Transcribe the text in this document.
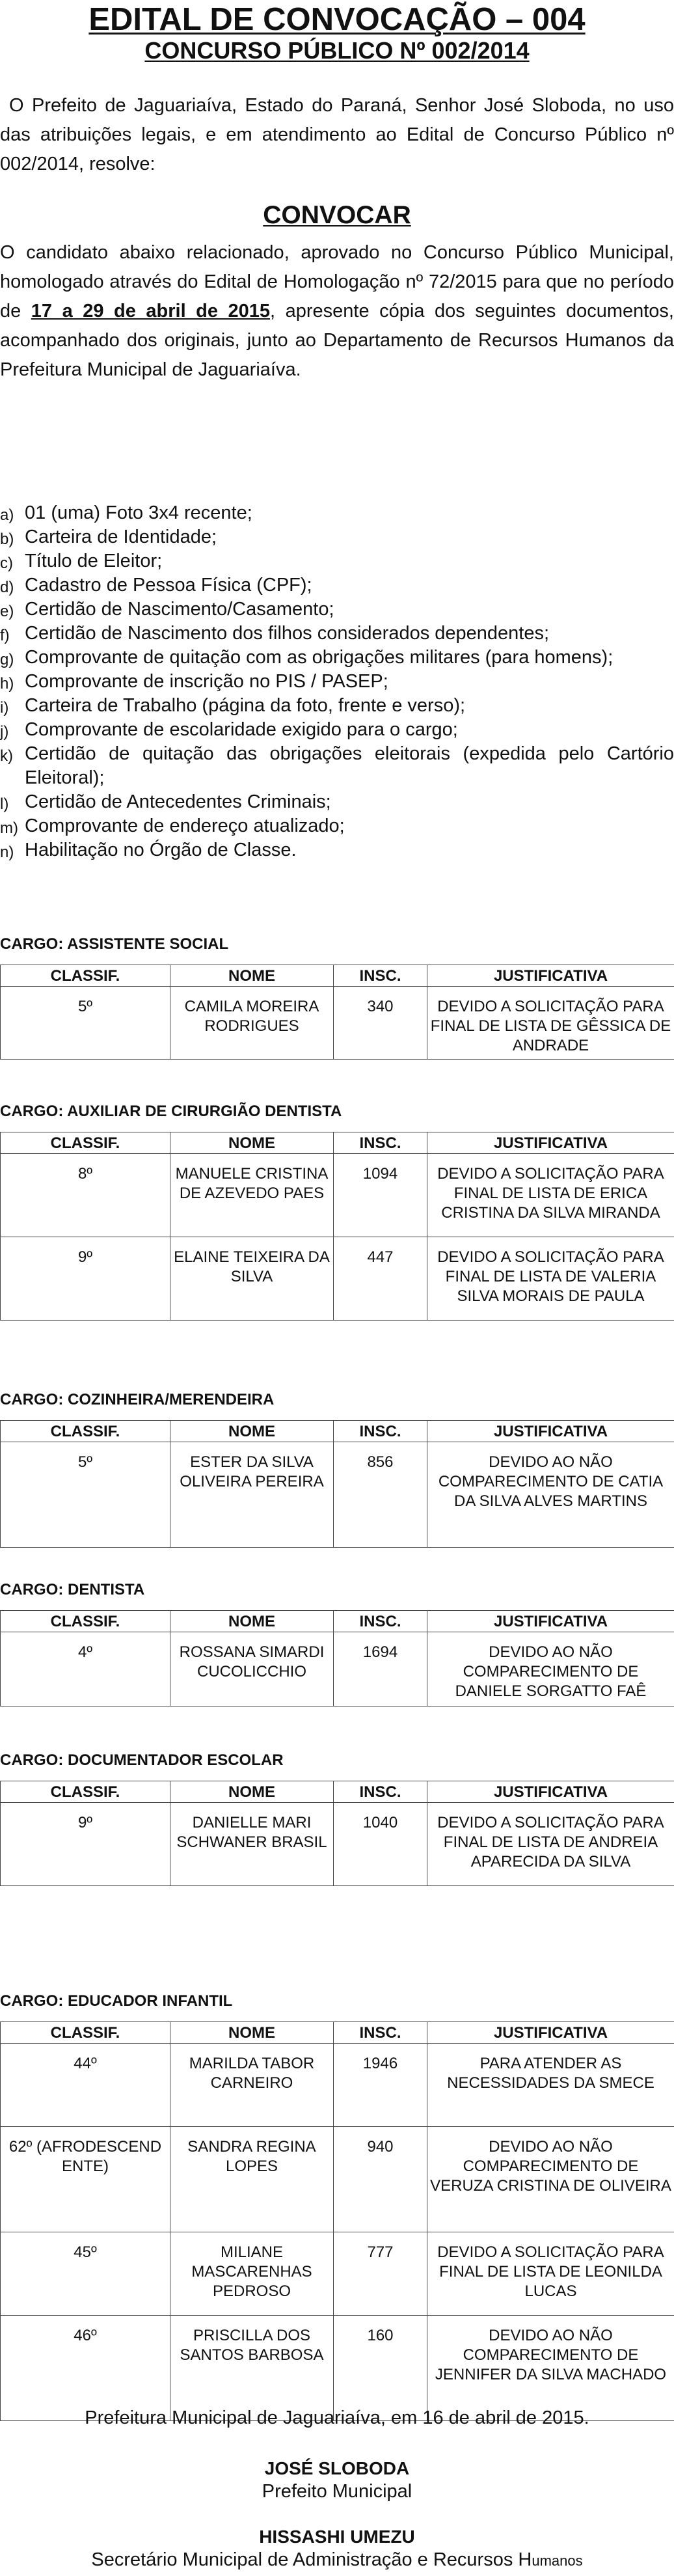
EDITAL DE CONVOCAÇÃO – 004
CONCURSO PÚBLICO Nº 002/2014
O Prefeito de Jaguariaíva, Estado do Paraná, Senhor José Sloboda, no uso das atribuições legais, e em atendimento ao Edital de Concurso Público nº 002/2014, resolve:
CONVOCAR
O candidato abaixo relacionado, aprovado no Concurso Público Municipal, homologado através do Edital de Homologação nº 72/2015 para que no período de 17 a 29 de abril de 2015, apresente cópia dos seguintes documentos, acompanhado dos originais, junto ao Departamento de Recursos Humanos da Prefeitura Municipal de Jaguariaíva.
a) 01 (uma) Foto 3x4 recente;
b) Carteira de Identidade;
c) Título de Eleitor;
d) Cadastro de Pessoa Física (CPF);
e) Certidão de Nascimento/Casamento;
f) Certidão de Nascimento dos filhos considerados dependentes;
g) Comprovante de quitação com as obrigações militares (para homens);
h) Comprovante de inscrição no PIS / PASEP;
i) Carteira de Trabalho (página da foto, frente e verso);
j) Comprovante de escolaridade exigido para o cargo;
k) Certidão de quitação das obrigações eleitorais (expedida pelo Cartório Eleitoral);
l) Certidão de Antecedentes Criminais;
m) Comprovante de endereço atualizado;
n) Habilitação no Órgão de Classe.
CARGO: ASSISTENTE SOCIAL
CLASSIF.	NOME	INSC.	JUSTIFICATIVA
5º	CAMILA MOREIRA RODRIGUES	340	DEVIDO A SOLICITAÇÃO PARA FINAL DE LISTA DE GÊSSICA DE ANDRADE
CARGO: AUXILIAR DE CIRURGIÃO DENTISTA
CLASSIF.	NOME	INSC.	JUSTIFICATIVA
8º	MANUELE CRISTINA DE AZEVEDO PAES	1094	DEVIDO A SOLICITAÇÃO PARA FINAL DE LISTA DE ERICA CRISTINA DA SILVA MIRANDA
9º	ELAINE TEIXEIRA DA SILVA	447	DEVIDO A SOLICITAÇÃO PARA FINAL DE LISTA DE VALERIA SILVA MORAIS DE PAULA
CARGO: COZINHEIRA/MERENDEIRA
CLASSIF.	NOME	INSC.	JUSTIFICATIVA
5º	ESTER DA SILVA OLIVEIRA PEREIRA	856	DEVIDO AO NÃO COMPARECIMENTO DE CATIA DA SILVA ALVES MARTINS
CARGO: DENTISTA
CLASSIF.	NOME	INSC.	JUSTIFICATIVA
4º	ROSSANA SIMARDI CUCOLICCHIO	1694	DEVIDO AO NÃO COMPARECIMENTO DE DANIELE SORGATTO FAÊ
CARGO: DOCUMENTADOR ESCOLAR
CLASSIF.	NOME	INSC.	JUSTIFICATIVA
9º	DANIELLE MARI SCHWANER BRASIL	1040	DEVIDO A SOLICITAÇÃO PARA FINAL DE LISTA DE ANDREIA APARECIDA DA SILVA
CARGO: EDUCADOR INFANTIL
CLASSIF.	NOME	INSC.	JUSTIFICATIVA
44º	MARILDA TABOR CARNEIRO	1946	PARA ATENDER AS NECESSIDADES DA SMECE
62º (AFRODESCEND ENTE)	SANDRA REGINA LOPES	940	DEVIDO AO NÃO COMPARECIMENTO DE VERUZA CRISTINA DE OLIVEIRA
45º	MILIANE MASCARENHAS PEDROSO	777	DEVIDO A SOLICITAÇÃO PARA FINAL DE LISTA DE LEONILDA LUCAS
46º	PRISCILLA DOS SANTOS BARBOSA	160	DEVIDO AO NÃO COMPARECIMENTO DE JENNIFER DA SILVA MACHADO
Prefeitura Municipal de Jaguariaíva, em 16 de abril de 2015.
JOSÉ SLOBODA
Prefeito Municipal
HISSASHI UMEZU
Secretário Municipal de Administração e Recursos Humanos
